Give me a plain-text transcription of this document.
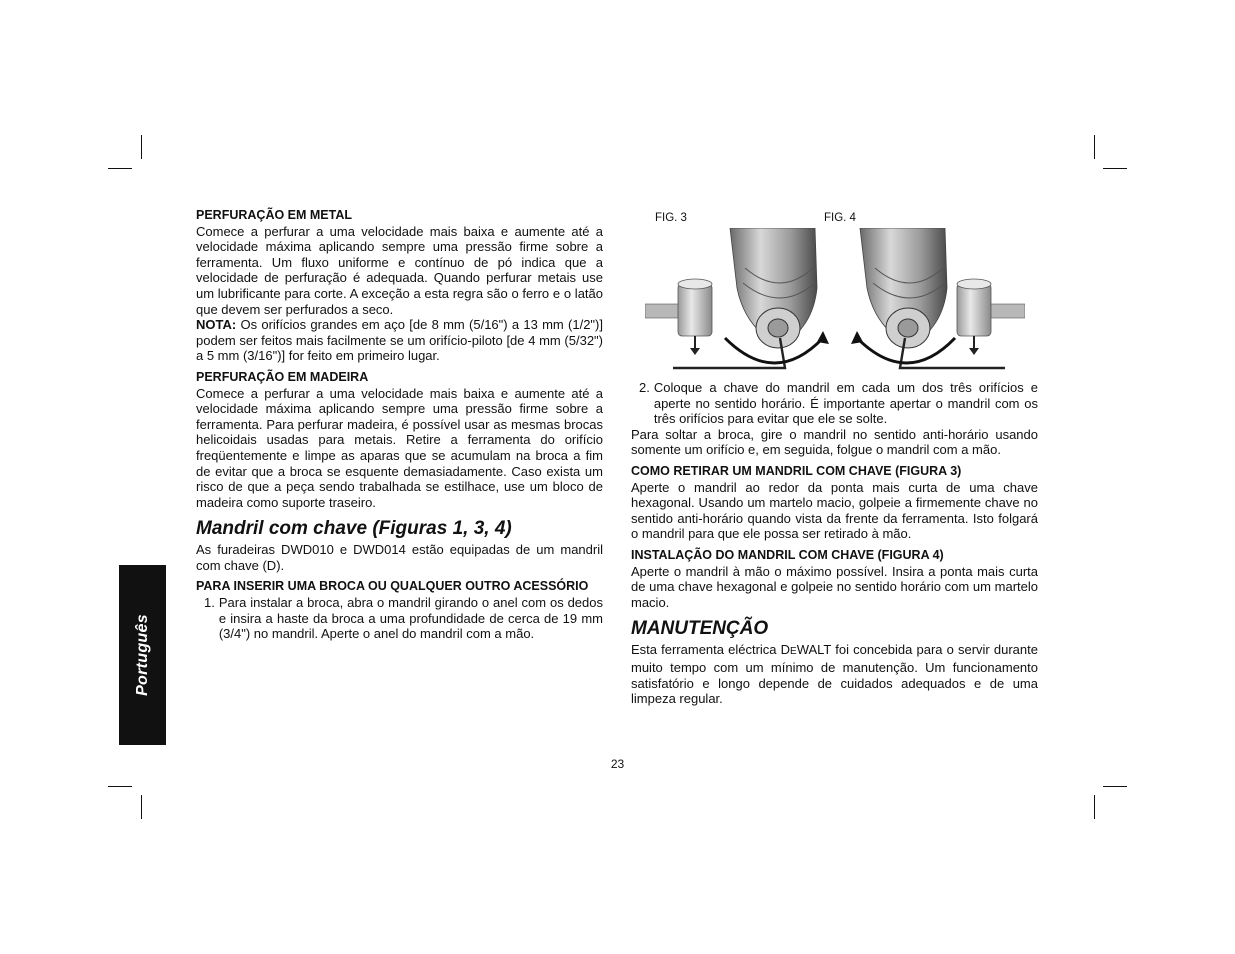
Português

PERFURAÇÃO EM METAL

Comece a perfurar a uma velocidade mais baixa e aumente até a velocidade máxima aplicando sempre uma pressão firme sobre a ferramenta. Um fluxo uniforme e contínuo de pó indica que a velocidade de perfuração é adequada. Quando perfurar metais use um lubrificante para corte. A exceção a esta regra são o ferro e o latão que devem ser perfurados a seco.

NOTA: Os orifícios grandes em aço [de 8 mm (5/16") a 13 mm (1/2")] podem ser feitos mais facilmente se um orifício-piloto [de 4 mm (5/32") a 5 mm (3/16")] for feito em primeiro lugar.

PERFURAÇÃO EM MADEIRA

Comece a perfurar a uma velocidade mais baixa e aumente até a velocidade máxima aplicando sempre uma pressão firme sobre a ferramenta. Para perfurar madeira, é possível usar as mesmas brocas helicoidais usadas para metais. Retire a ferramenta do orifício freqüentemente e limpe as aparas que se acumulam na broca a fim de evitar que a broca se esquente demasiadamente. Caso exista um risco de que a peça sendo trabalhada se estilhace, use um bloco de madeira como suporte traseiro.

Mandril com chave (Figuras 1, 3, 4)

As furadeiras DWD010 e DWD014 estão equipadas de um mandril com chave (D).

PARA INSERIR UMA BROCA OU QUALQUER OUTRO ACESSÓRIO

1. Para instalar a broca, abra o mandril girando o anel com os dedos e insira a haste da broca a uma profundidade de cerca de 19 mm (3/4") no mandril. Aperte o anel do mandril com a mão.
FIG. 3	FIG. 4
2. Coloque a chave do mandril em cada um dos três orifícios e aperte no sentido horário. É importante apertar o mandril com os três orifícios para evitar que ele se solte.

Para soltar a broca, gire o mandril no sentido anti-horário usando somente um orifício e, em seguida, folgue o mandril com a mão.

COMO RETIRAR UM MANDRIL COM CHAVE (FIGURA 3)

Aperte o mandril ao redor da ponta mais curta de uma chave hexagonal. Usando um martelo macio, golpeie a firmemente chave no sentido anti-horário quando vista da frente da ferramenta. Isto folgará o mandril para que ele possa ser retirado à mão.

INSTALAÇÃO DO MANDRIL COM CHAVE (FIGURA 4)

Aperte o mandril à mão o máximo possível. Insira a ponta mais curta de uma chave hexagonal e golpeie no sentido horário com um martelo macio.

MANUTENÇÃO

Esta ferramenta eléctrica DEWALT foi concebida para o servir durante muito tempo com um mínimo de manutenção. Um funcionamento satisfatório e longo depende de cuidados adequados e de uma limpeza regular.

23
